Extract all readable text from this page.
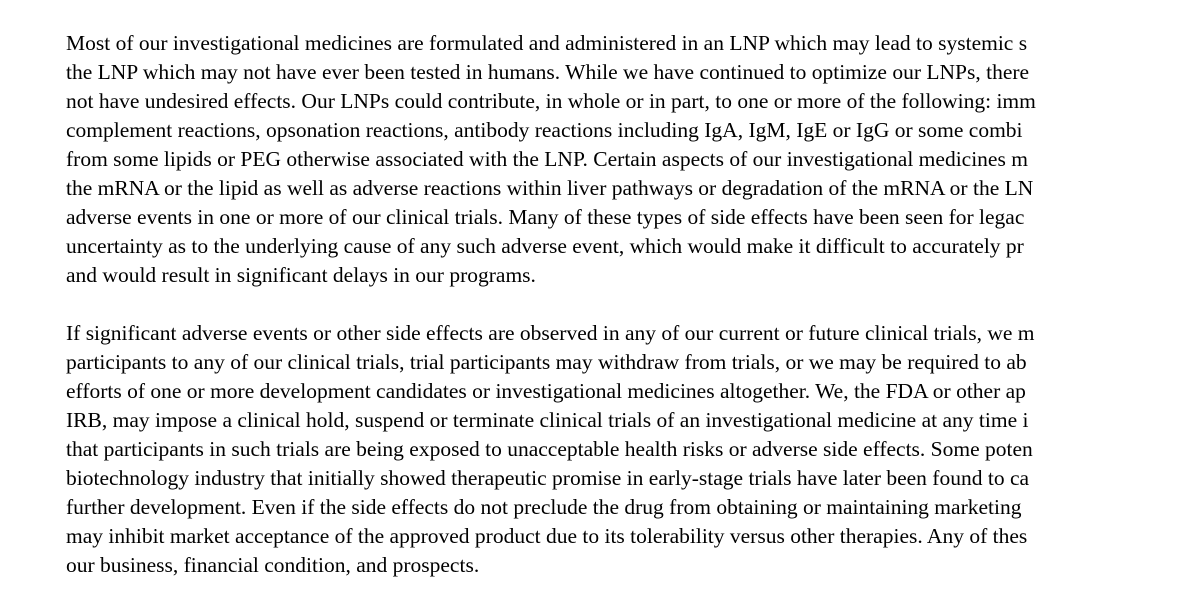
Most of our investigational medicines are formulated and administered in an LNP which may lead to systemic s
the LNP which may not have ever been tested in humans. While we have continued to optimize our LNPs, there
not have undesired effects. Our LNPs could contribute, in whole or in part, to one or more of the following: imm
complement reactions, opsonation reactions, antibody reactions including IgA, IgM, IgE or IgG or some combi
from some lipids or PEG otherwise associated with the LNP. Certain aspects of our investigational medicines m
the mRNA or the lipid as well as adverse reactions within liver pathways or degradation of the mRNA or the LN
adverse events in one or more of our clinical trials. Many of these types of side effects have been seen for legac
uncertainty as to the underlying cause of any such adverse event, which would make it difficult to accurately pr
and would result in significant delays in our programs.
If significant adverse events or other side effects are observed in any of our current or future clinical trials, we m
participants to any of our clinical trials, trial participants may withdraw from trials, or we may be required to ab
efforts of one or more development candidates or investigational medicines altogether. We, the FDA or other ap
IRB, may impose a clinical hold, suspend or terminate clinical trials of an investigational medicine at any time i
that participants in such trials are being exposed to unacceptable health risks or adverse side effects. Some poten
biotechnology industry that initially showed therapeutic promise in early-stage trials have later been found to ca
further development. Even if the side effects do not preclude the drug from obtaining or maintaining marketing
may inhibit market acceptance of the approved product due to its tolerability versus other therapies. Any of thes
our business, financial condition, and prospects.
